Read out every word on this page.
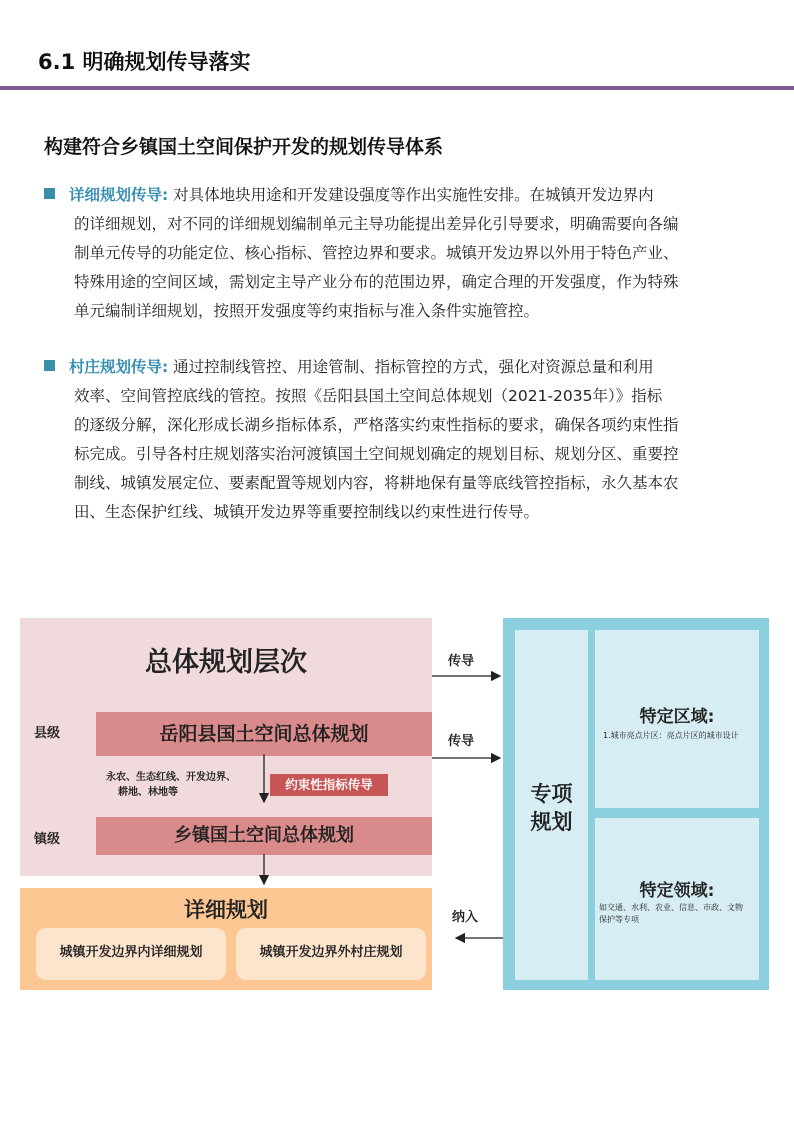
6.1 明确规划传导落实
构建符合乡镇国土空间保护开发的规划传导体系
详细规划传导: 对具体地块用途和开发建设强度等作出实施性安排。在城镇开发边界内
的详细规划，对不同的详细规划编制单元主导功能提出差异化引导要求，明确需要向各编
制单元传导的功能定位、核心指标、管控边界和要求。城镇开发边界以外用于特色产业、
特殊用途的空间区域，需划定主导产业分布的范围边界，确定合理的开发强度，作为特殊
单元编制详细规划，按照开发强度等约束指标与准入条件实施管控。
村庄规划传导: 通过控制线管控、用途管制、指标管控的方式，强化对资源总量和利用
效率、空间管控底线的管控。按照《岳阳县国土空间总体规划（2021-2035年）》指标
的逐级分解，深化形成长湖乡指标体系，严格落实约束性指标的要求，确保各项约束性指
标完成。引导各村庄规划落实治河渡镇国土空间规划确定的规划目标、规划分区、重要控
制线、城镇发展定位、要素配置等规划内容，将耕地保有量等底线管控指标，永久基本农
田、生态保护红线、城镇开发边界等重要控制线以约束性进行传导。
总体规划层次
县级	岳阳县国土空间总体规划
永农、生态红线、开发边界、
耕地、林地等
约束性指标传导
镇级	乡镇国土空间总体规划
详细规划
城镇开发边界内详细规划	城镇开发边界外村庄规划
传导
传导
纳入
专项
规划
特定区域:
1.城市亮点片区：亮点片区的城市设计
特定领域:
如交通、水利、农业、信息、市政、文物
保护等专项
